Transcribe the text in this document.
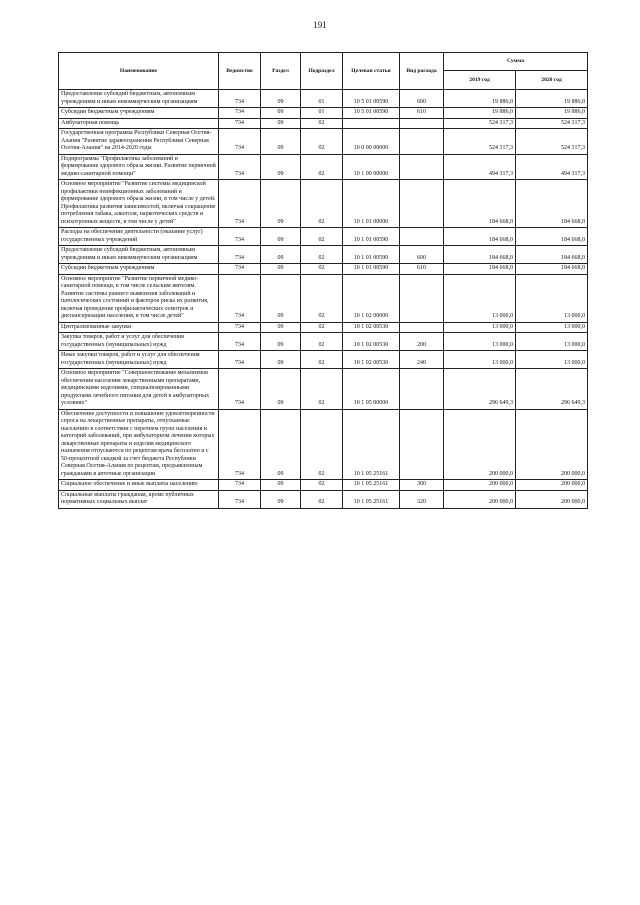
191
Наименование	Ведомство	Раздел	Подраздел	Целевая статья	Вид расхода	Сумма	
						2019 год	2020 год
Предоставление субсидий бюджетным, автономным учреждениям и иным некоммерческим организациям	734	09	01	10 5 01 00590	600	19 886,0	19 886,0
Субсидии бюджетным учреждениям	734	09	01	10 5 01 00590	610	19 886,0	19 886,0
Амбулаторная помощь	734	09	02			524 317,3	524 317,3
Государственная программа Республики Северная Осетия-Алания "Развитие здравоохранения Республики Северная Осетия-Алания" на 2014-2020 годы	734	09	02	10 0 00 00000		524 317,3	524 317,3
Подпрограмма "Профилактика заболеваний и формирование здорового образа жизни. Развитие первичной медико-санитарной помощи"	734	09	02	10 1 00 00000		494 317,3	494 317,3
Основное мероприятие "Развитие системы медицинской профилактики неинфекционных заболеваний и формирование здорового образа жизни, в том числе у детей. Профилактика развития зависимостей, включая сокращение потребления табака, алкоголя, наркотических средств и психотропных веществ, в том числе у детей"	734	09	02	10 1 01 00000		184 668,0	184 668,0
Расходы на обеспечение деятельности (оказание услуг) государственных учреждений	734	09	02	10 1 01 00590		184 668,0	184 668,0
Предоставление субсидий бюджетным, автономным учреждениям и иным некоммерческим организациям	734	09	02	10 1 01 00590	600	184 668,0	184 668,0
Субсидии бюджетным учреждениям	734	09	02	10 1 01 00590	610	184 668,0	184 668,0
Основное мероприятие "Развитие первичной медико-санитарной помощи, в том числе сельским жителям. Развитие системы раннего выявления заболеваний и патологических состояний и факторов риска их развития, включая проведение профилактических осмотров и диспансеризации населения, в том числе детей"	734	09	02	10 1 02 00000		13 000,0	13 000,0
Централизованные закупки	734	09	02	10 1 02 00530		13 000,0	13 000,0
Закупка товаров, работ и услуг для обеспечения государственных (муниципальных) нужд	734	09	02	10 1 02 00530	200	13 000,0	13 000,0
Иные закупки товаров, работ и услуг для обеспечения государственных (муниципальных) нужд	734	09	02	10 1 02 00530	240	13 000,0	13 000,0
Основное мероприятие "Совершенствование механизмов обеспечения населения лекарственными препаратами, медицинскими изделиями, специализированными продуктами лечебного питания для детей в амбулаторных условиях"	734	09	02	10 1 05 00000		296 649,3	296 649,3
Обеспечение доступности и повышение удовлетворенности спроса на лекарственные препараты, отпускаемые населению в соответствии с перечнем групп населения и категорий заболеваний, при амбулаторном лечении которых лекарственные препараты и изделия медицинского назначения отпускаются по рецептам врача бесплатно и с 50-процентной скидкой за счет бюджета Республики Северная Осетия-Алания по рецептам, предъявленным гражданами в аптечные организации	734	09	02	10 1 05 25161		200 000,0	200 000,0
Социальное обеспечение и иные выплаты населению	734	09	02	10 1 05 25161	300	200 000,0	200 000,0
Социальные выплаты гражданам, кроме публичных нормативных социальных выплат	734	09	02	10 1 05 25161	320	200 000,0	200 000,0
